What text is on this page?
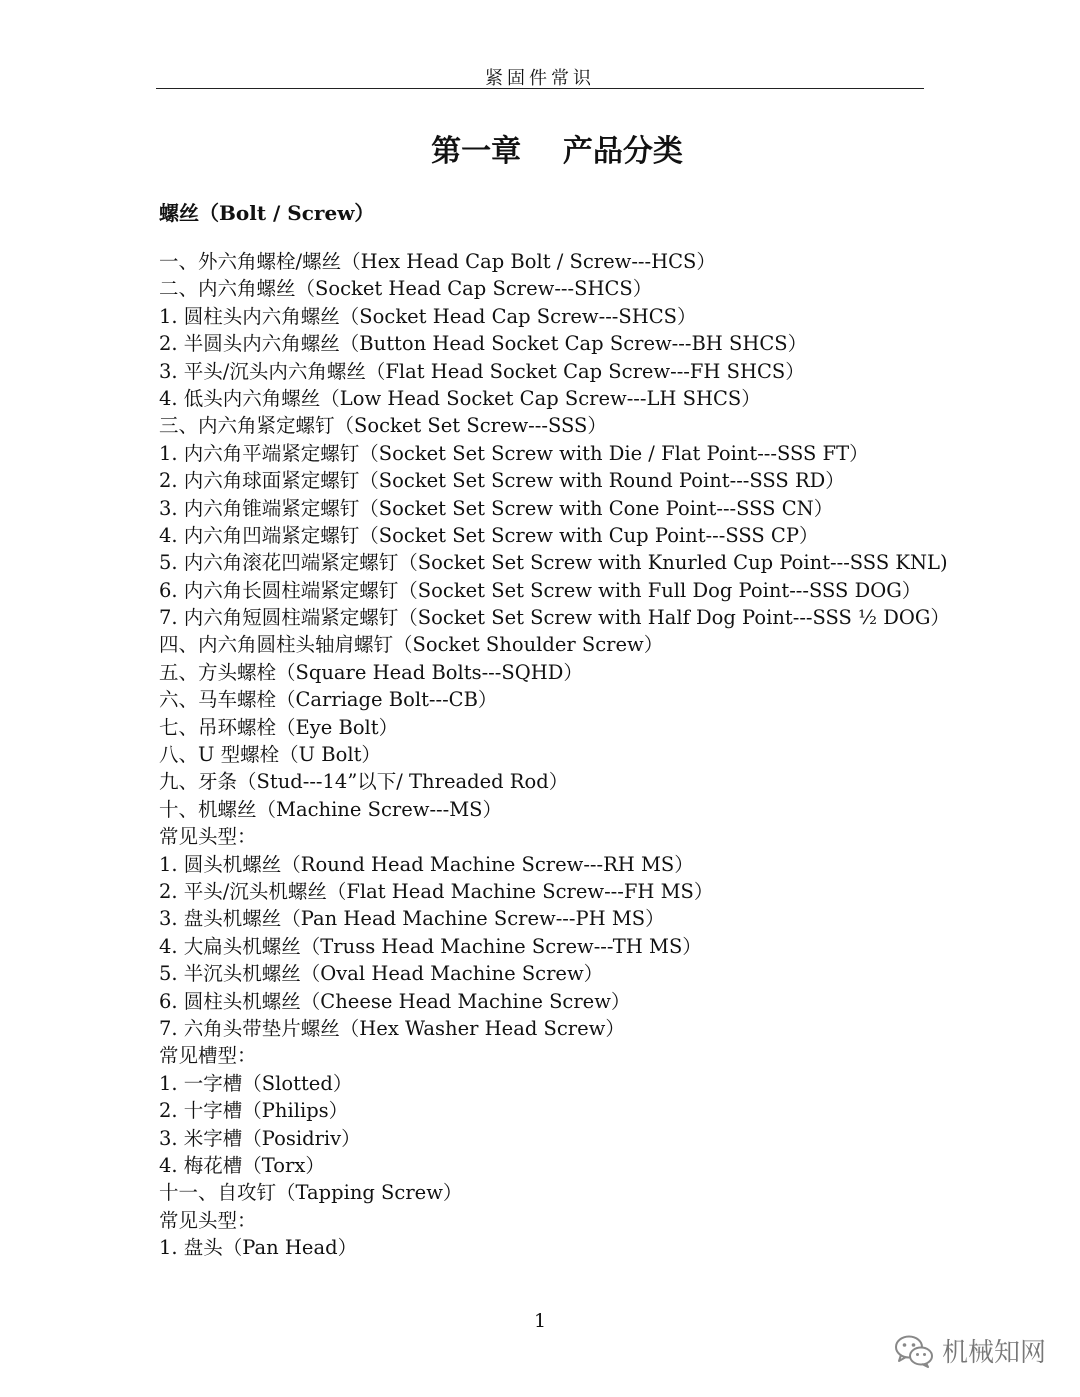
紧固件常识
第一章    产品分类
螺丝（Bolt / Screw）
一、外六角螺栓/螺丝（Hex Head Cap Bolt / Screw---HCS）
二、内六角螺丝（Socket Head Cap Screw---SHCS）
1. 圆柱头内六角螺丝（Socket Head Cap Screw---SHCS）
2. 半圆头内六角螺丝（Button Head Socket Cap Screw---BH SHCS）
3. 平头/沉头内六角螺丝（Flat Head Socket Cap Screw---FH SHCS）
4. 低头内六角螺丝（Low Head Socket Cap Screw---LH SHCS）
三、内六角紧定螺钉（Socket Set Screw---SSS）
1. 内六角平端紧定螺钉（Socket Set Screw with Die / Flat Point---SSS FT）
2. 内六角球面紧定螺钉（Socket Set Screw with Round Point---SSS RD）
3. 内六角锥端紧定螺钉（Socket Set Screw with Cone Point---SSS CN）
4. 内六角凹端紧定螺钉（Socket Set Screw with Cup Point---SSS CP）
5. 内六角滚花凹端紧定螺钉（Socket Set Screw with Knurled Cup Point---SSS KNL)
6. 内六角长圆柱端紧定螺钉（Socket Set Screw with Full Dog Point---SSS DOG）
7. 内六角短圆柱端紧定螺钉（Socket Set Screw with Half Dog Point---SSS ½ DOG）
四、内六角圆柱头轴肩螺钉（Socket Shoulder Screw）
五、方头螺栓（Square Head Bolts---SQHD）
六、马车螺栓（Carriage Bolt---CB）
七、吊环螺栓（Eye Bolt）
八、U 型螺栓（U Bolt）
九、牙条（Stud---14”以下/ Threaded Rod）
十、机螺丝（Machine Screw---MS）
常见头型：
1. 圆头机螺丝（Round Head Machine Screw---RH MS）
2. 平头/沉头机螺丝（Flat Head Machine Screw---FH MS）
3. 盘头机螺丝（Pan Head Machine Screw---PH MS）
4. 大扁头机螺丝（Truss Head Machine Screw---TH MS）
5. 半沉头机螺丝（Oval Head Machine Screw）
6. 圆柱头机螺丝（Cheese Head Machine Screw）
7. 六角头带垫片螺丝（Hex Washer Head Screw）
常见槽型：
1. 一字槽（Slotted）
2. 十字槽（Philips）
3. 米字槽（Posidriv）
4. 梅花槽（Torx）
十一、自攻钉（Tapping Screw）
常见头型：
1. 盘头（Pan Head）
1
机械知网
